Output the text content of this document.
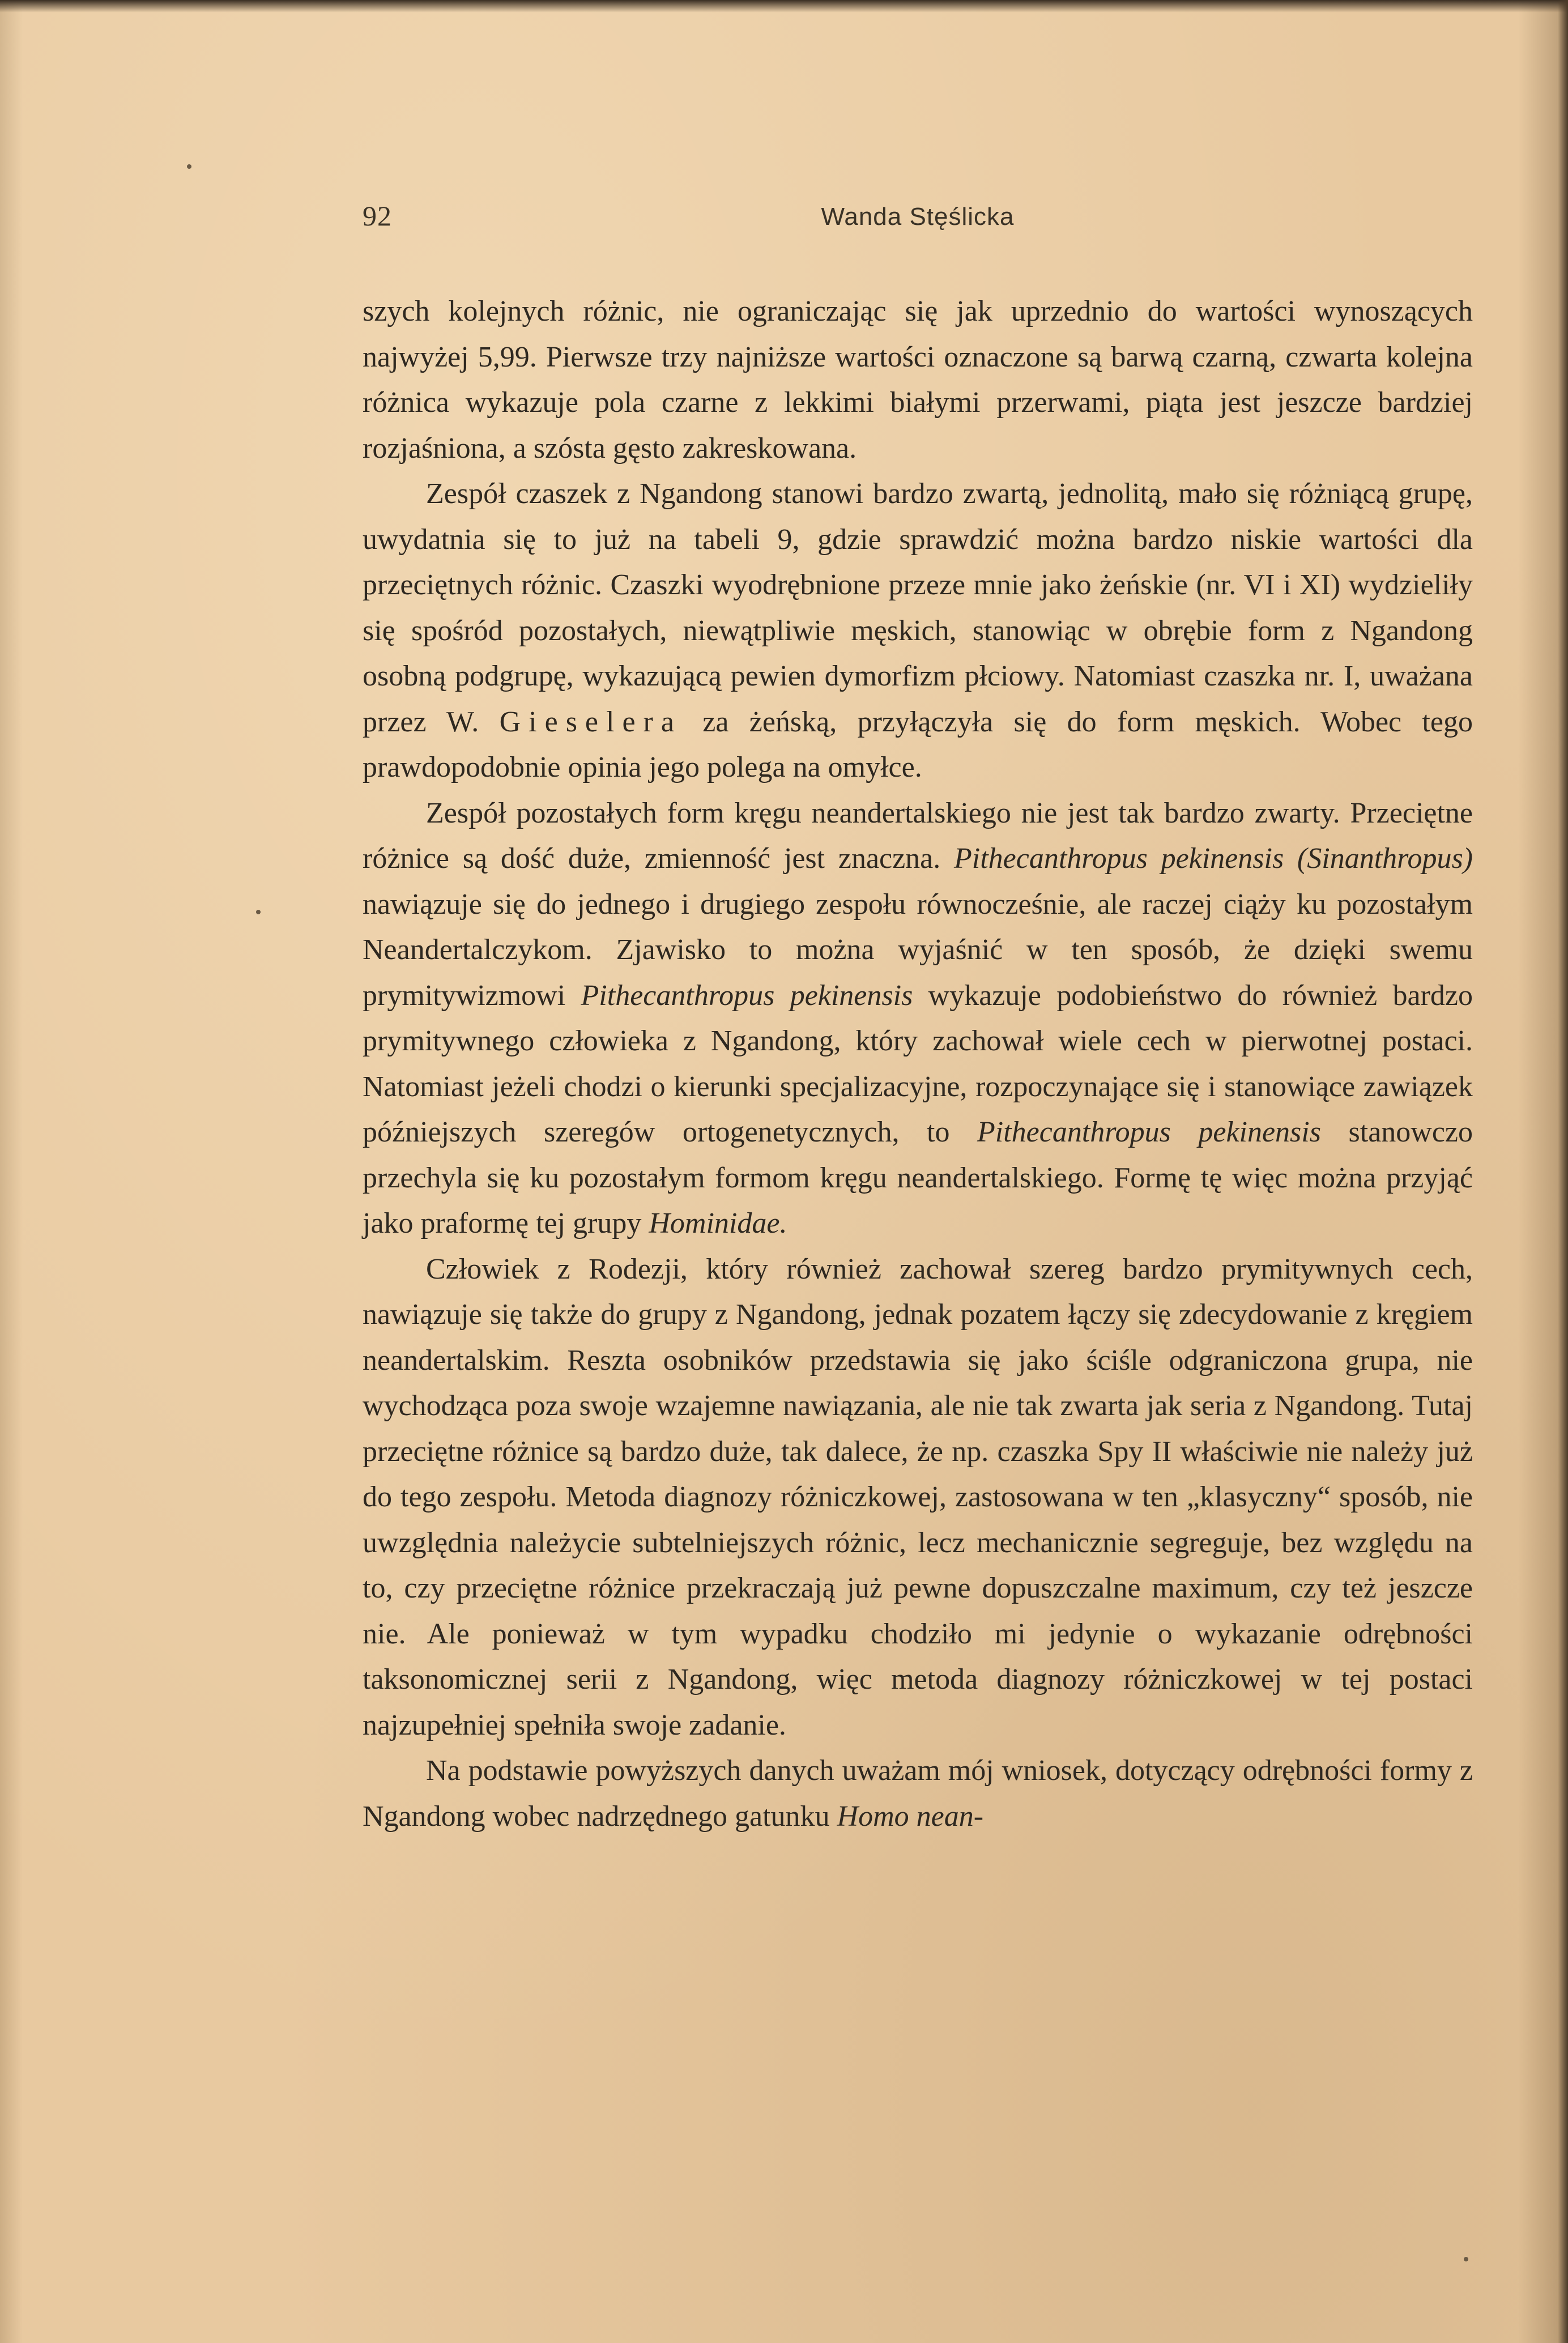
92	Wanda Stęślicka

szych kolejnych różnic, nie ograniczając się jak uprzednio do wartości wynoszących najwyżej 5,99. Pierwsze trzy najniższe wartości oznaczone są barwą czarną, czwarta kolejna różnica wykazuje pola czarne z lekkimi białymi przerwami, piąta jest jeszcze bardziej rozjaśniona, a szósta gęsto zakreskowana.

Zespół czaszek z Ngandong stanowi bardzo zwartą, jednolitą, mało się różniącą grupę, uwydatnia się to już na tabeli 9, gdzie sprawdzić można bardzo niskie wartości dla przeciętnych różnic. Czaszki wyodrębnione przeze mnie jako żeńskie (nr. VI i XI) wydzieliły się spośród pozostałych, niewątpliwie męskich, stanowiąc w obrębie form z Ngandong osobną podgrupę, wykazującą pewien dymorfizm płciowy. Natomiast czaszka nr. I, uważana przez W. Gieselera za żeńską, przyłączyła się do form męskich. Wobec tego prawdopodobnie opinia jego polega na omyłce.

Zespół pozostałych form kręgu neandertalskiego nie jest tak bardzo zwarty. Przeciętne różnice są dość duże, zmienność jest znaczna. Pithecanthropus pekinensis (Sinanthropus) nawiązuje się do jednego i drugiego zespołu równocześnie, ale raczej ciąży ku pozostałym Neandertalczykom. Zjawisko to można wyjaśnić w ten sposób, że dzięki swemu prymitywizmowi Pithecanthropus pekinensis wykazuje podobieństwo do również bardzo prymitywnego człowieka z Ngandong, który zachował wiele cech w pierwotnej postaci. Natomiast jeżeli chodzi o kierunki specjalizacyjne, rozpoczynające się i stanowiące zawiązek późniejszych szeregów ortogenetycznych, to Pithecanthropus pekinensis stanowczo przechyla się ku pozostałym formom kręgu neandertalskiego. Formę tę więc można przyjąć jako praformę tej grupy Hominidae.

Człowiek z Rodezji, który również zachował szereg bardzo prymitywnych cech, nawiązuje się także do grupy z Ngandong, jednak pozatem łączy się zdecydowanie z kręgiem neandertalskim. Reszta osobników przedstawia się jako ściśle odgraniczona grupa, nie wychodząca poza swoje wzajemne nawiązania, ale nie tak zwarta jak seria z Ngandong. Tutaj przeciętne różnice są bardzo duże, tak dalece, że np. czaszka Spy II właściwie nie należy już do tego zespołu. Metoda diagnozy różniczkowej, zastosowana w ten „klasyczny“ sposób, nie uwzględnia należycie subtelniejszych różnic, lecz mechanicznie segreguje, bez względu na to, czy przeciętne różnice przekraczają już pewne dopuszczalne maximum, czy też jeszcze nie. Ale ponieważ w tym wypadku chodziło mi jedynie o wykazanie odrębności taksonomicznej serii z Ngandong, więc metoda diagnozy różniczkowej w tej postaci najzupełniej spełniła swoje zadanie.

Na podstawie powyższych danych uważam mój wniosek, dotyczący odrębności formy z Ngandong wobec nadrzędnego gatunku Homo nean-
